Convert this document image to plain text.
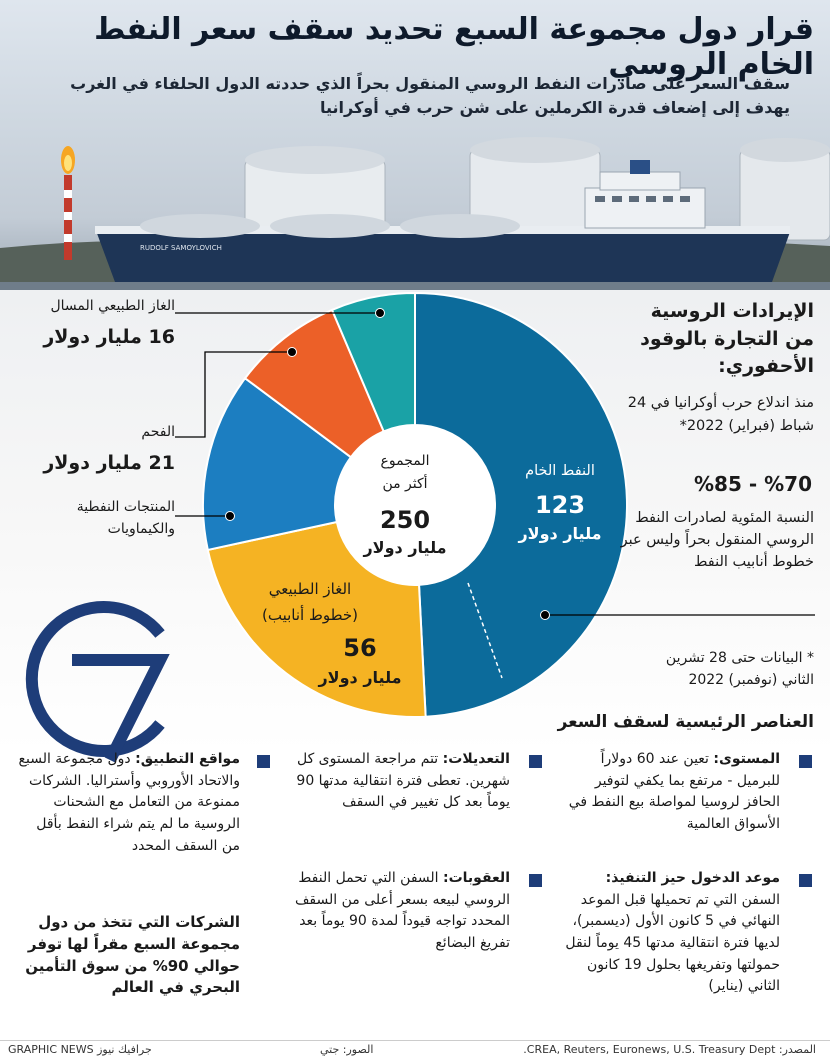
RUDOLF SAMOYLOVICH
قرار دول مجموعة السبع تحديد سقف سعر النفط الخام الروسي
سقف السعر على صادرات النفط الروسي المنقول بحراً الذي حددته الدول الحلفاء في الغرب
يهدف إلى إضعاف قدرة الكرملين على شن حرب في أوكرانيا
الإيرادات الروسية
من التجارة بالوقود
الأحفوري:
منذ اندلاع حرب أوكرانيا في 24 شباط (فبراير) 2022*
%70 - %85
النسبة المئوية لصادرات النفط الروسي المنقول بحراً وليس عبر خطوط أنابيب النفط
* البيانات حتى 28 تشرين الثاني (نوفمبر) 2022
الغاز الطبيعي المسال
16 مليار دولار
الفحم
21 مليار دولار
المنتجات النفطية والكيماويات
النفط الخام
123
مليار دولار
الغاز الطبيعي
(خطوط أنابيب)
56
مليار دولار
المجموع
أكثر من
250
مليار دولار
العناصر الرئيسية لسقف السعر
المستوى: تعين عند 60 دولاراً للبرميل - مرتفع بما يكفي لتوفير الحافز لروسيا لمواصلة بيع النفط في الأسواق العالمية
موعد الدخول حيز التنفيذ:
السفن التي تم تحميلها قبل الموعد النهائي في 5 كانون الأول (ديسمبر)، لديها فترة انتقالية مدتها 45 يوماً لنقل حمولتها وتفريغها بحلول 19 كانون الثاني (يناير)
التعديلات: تتم مراجعة المستوى كل شهرين. تعطى فترة انتقالية مدتها 90 يوماً بعد كل تغيير في السقف
العقوبات: السفن التي تحمل النفط الروسي لبيعه بسعر أعلى من السقف المحدد تواجه قيوداً لمدة 90 يوماً بعد تفريغ البضائع
مواقع التطبيق: دول مجموعة السبع والاتحاد الأوروبي وأستراليا. الشركات ممنوعة من التعامل مع الشحنات الروسية ما لم يتم شراء النفط بأقل من السقف المحدد
الشركات التي تتخذ من دول مجموعة السبع مقراً لها توفر حوالي 90% من سوق التأمين البحري في العالم
المصدر: CREA, Reuters, Euronews, U.S. Treasury Dept.
الصور: جتي
GRAPHIC NEWS جرافيك نيوز
